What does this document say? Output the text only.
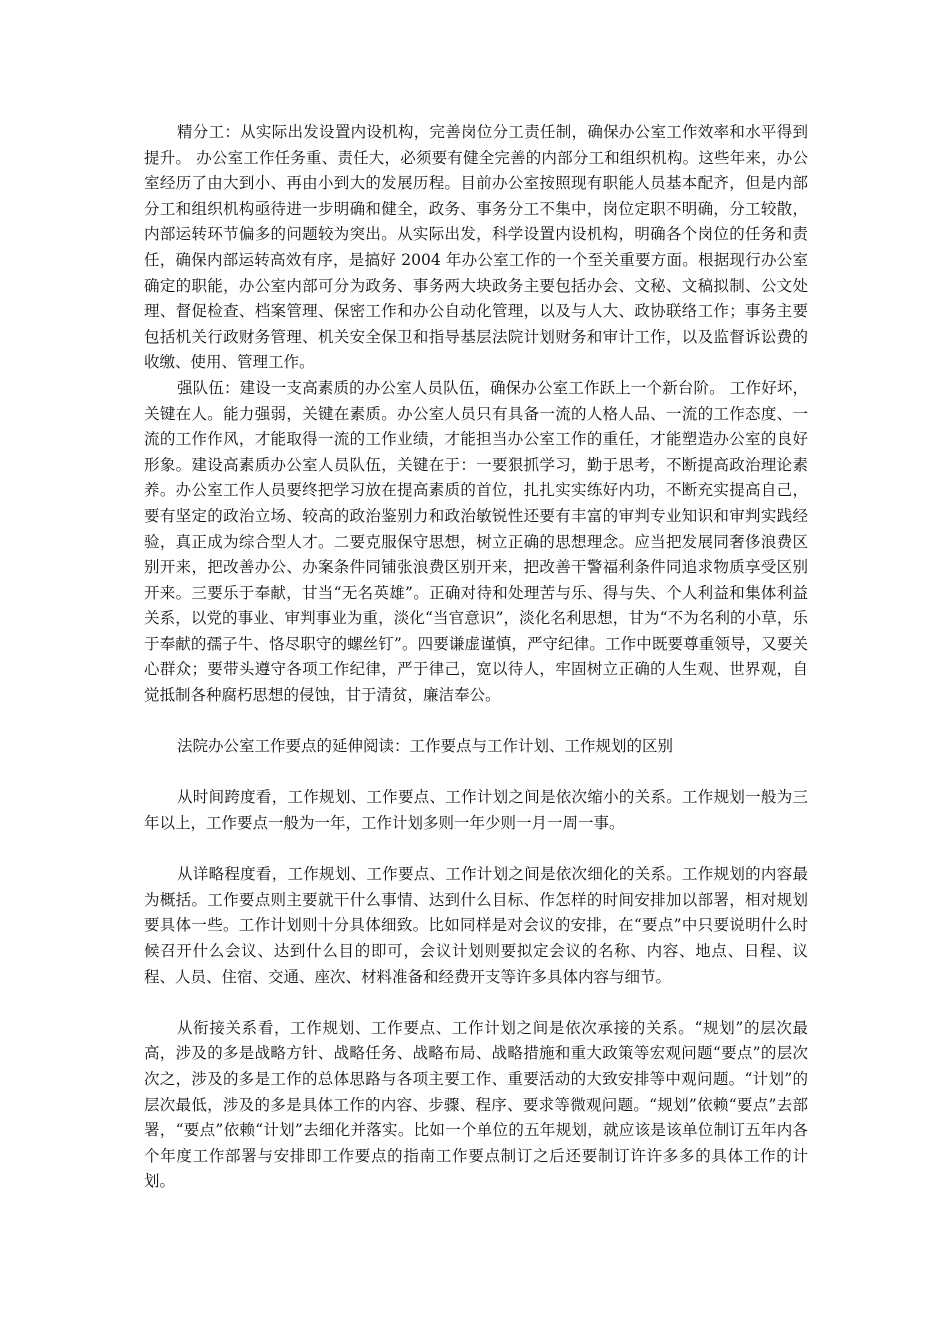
精分工：从实际出发设置内设机构，完善岗位分工责任制，确保办公室工作效率和水平得到提升。 办公室工作任务重、责任大，必须要有健全完善的内部分工和组织机构。这些年来，办公室经历了由大到小、再由小到大的发展历程。目前办公室按照现有职能人员基本配齐，但是内部分工和组织机构亟待进一步明确和健全，政务、事务分工不集中，岗位定职不明确，分工较散，内部运转环节偏多的问题较为突出。从实际出发，科学设置内设机构，明确各个岗位的任务和责任，确保内部运转高效有序，是搞好 2004 年办公室工作的一个至关重要方面。根据现行办公室确定的职能，办公室内部可分为政务、事务两大块政务主要包括办会、文秘、文稿拟制、公文处理、督促检查、档案管理、保密工作和办公自动化管理，以及与人大、政协联络工作；事务主要包括机关行政财务管理、机关安全保卫和指导基层法院计划财务和审计工作，以及监督诉讼费的收缴、使用、管理工作。

强队伍：建设一支高素质的办公室人员队伍，确保办公室工作跃上一个新台阶。 工作好坏，关键在人。能力强弱，关键在素质。办公室人员只有具备一流的人格人品、一流的工作态度、一流的工作作风，才能取得一流的工作业绩，才能担当办公室工作的重任，才能塑造办公室的良好形象。建设高素质办公室人员队伍，关键在于：一要狠抓学习，勤于思考，不断提高政治理论素养。办公室工作人员要终把学习放在提高素质的首位，扎扎实实练好内功，不断充实提高自己，要有坚定的政治立场、较高的政治鉴别力和政治敏锐性还要有丰富的审判专业知识和审判实践经验，真正成为综合型人才。二要克服保守思想，树立正确的思想理念。应当把发展同奢侈浪费区别开来，把改善办公、办案条件同铺张浪费区别开来，把改善干警福利条件同追求物质享受区别开来。三要乐于奉献，甘当“无名英雄”。正确对待和处理苦与乐、得与失、个人利益和集体利益关系，以党的事业、审判事业为重，淡化“当官意识”，淡化名利思想，甘为“不为名利的小草，乐于奉献的孺子牛、恪尽职守的螺丝钉”。四要谦虚谨慎，严守纪律。工作中既要尊重领导，又要关心群众；要带头遵守各项工作纪律，严于律己，宽以待人，牢固树立正确的人生观、世界观，自觉抵制各种腐朽思想的侵蚀，甘于清贫，廉洁奉公。

法院办公室工作要点的延伸阅读：工作要点与工作计划、工作规划的区别

从时间跨度看，工作规划、工作要点、工作计划之间是依次缩小的关系。工作规划一般为三年以上，工作要点一般为一年，工作计划多则一年少则一月一周一事。

从详略程度看，工作规划、工作要点、工作计划之间是依次细化的关系。工作规划的内容最为概括。工作要点则主要就干什么事情、达到什么目标、作怎样的时间安排加以部署，相对规划要具体一些。工作计划则十分具体细致。比如同样是对会议的安排，在“要点”中只要说明什么时候召开什么会议、达到什么目的即可，会议计划则要拟定会议的名称、内容、地点、日程、议程、人员、住宿、交通、座次、材料准备和经费开支等许多具体内容与细节。

从衔接关系看，工作规划、工作要点、工作计划之间是依次承接的关系。“规划”的层次最高，涉及的多是战略方针、战略任务、战略布局、战略措施和重大政策等宏观问题“要点”的层次次之，涉及的多是工作的总体思路与各项主要工作、重要活动的大致安排等中观问题。“计划”的层次最低，涉及的多是具体工作的内容、步骤、程序、要求等微观问题。“规划”依赖“要点”去部署，“要点”依赖“计划”去细化并落实。比如一个单位的五年规划，就应该是该单位制订五年内各个年度工作部署与安排即工作要点的指南工作要点制订之后还要制订许许多多的具体工作的计划。
